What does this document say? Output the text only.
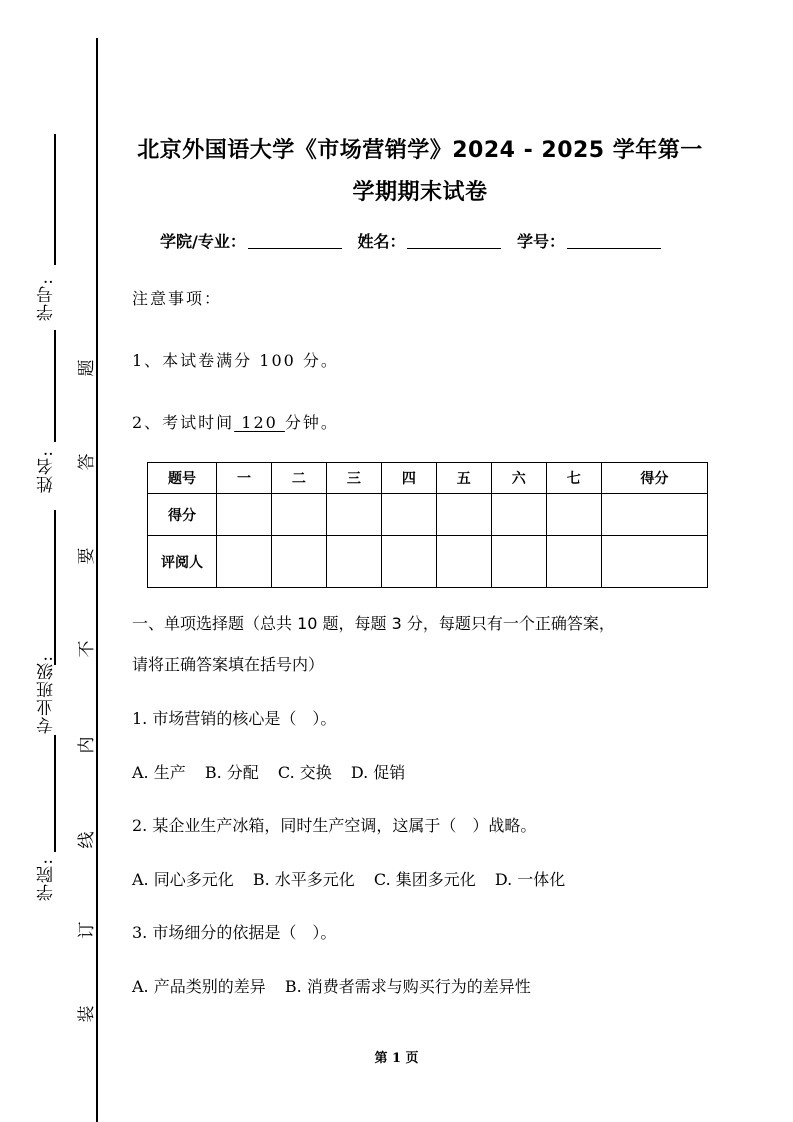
学号:
姓名:
专业班级:
学院:
题
答
要
不
内
线
订
装
北京外国语大学《市场营销学》2024 - 2025 学年第一
学期期末试卷
学院/专业：	姓名：	学号：
注意事项：
1、本试卷满分 100 分。
2、考试时间 120 分钟。
题号	一	二	三	四	五	六	七	得分
得分								
评阅人								
一、单项选择题（总共 10 题，每题 3 分，每题只有一个正确答案，
请将正确答案填在括号内）
1. 市场营销的核心是（　）。
A. 生产 B. 分配 C. 交换 D. 促销
2. 某企业生产冰箱，同时生产空调，这属于（　）战略。
A. 同心多元化 B. 水平多元化 C. 集团多元化 D. 一体化
3. 市场细分的依据是（　）。
A. 产品类别的差异 B. 消费者需求与购买行为的差异性
第 1 页
